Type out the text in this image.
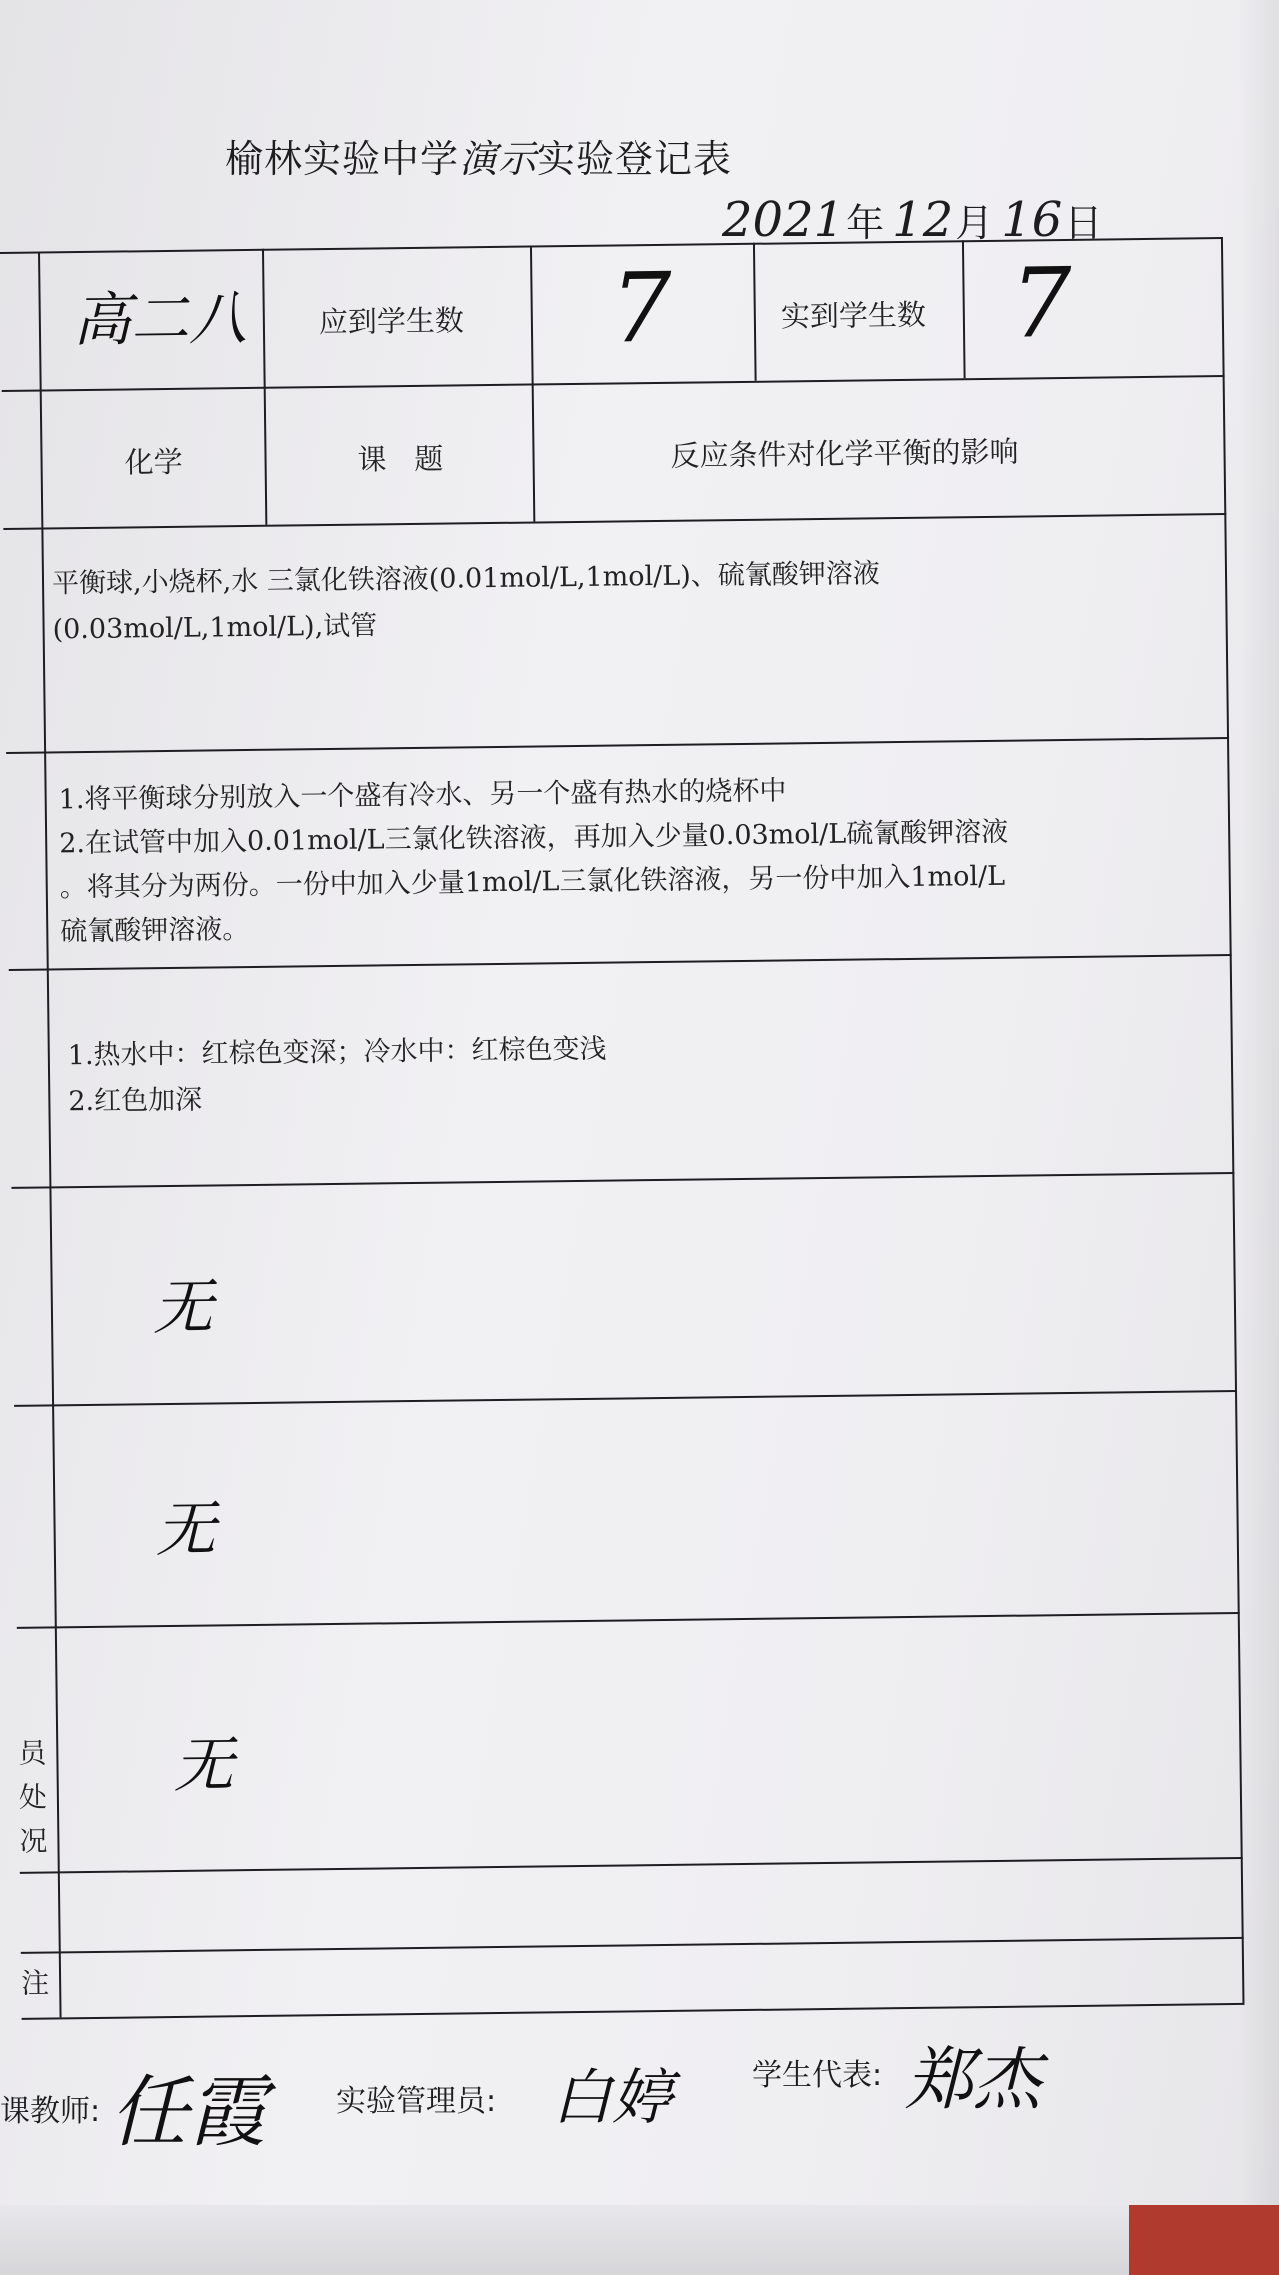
榆林实验中学演示实验登记表
2021年 12月 16日
高二八 应到学生数 7	实到学生数 7
化学	课   题	反应条件对化学平衡的影响
平衡球,小烧杯,水 三氯化铁溶液(0.01mol/L,1mol/L)、硫氰酸钾溶液
(0.03mol/L,1mol/L),试管
1.将平衡球分别放入一个盛有冷水、另一个盛有热水的烧杯中
2.在试管中加入0.01mol/L三氯化铁溶液，再加入少量0.03mol/L硫氰酸钾溶液
。将其分为两份。一份中加入少量1mol/L三氯化铁溶液，另一份中加入1mol/L
硫氰酸钾溶液。
1.热水中：红棕色变深；冷水中：红棕色变浅
2.红色加深
无
无
无
员
处
况
注
课教师: 任霞 实验管理员: 白婷	学生代表: 郑杰
